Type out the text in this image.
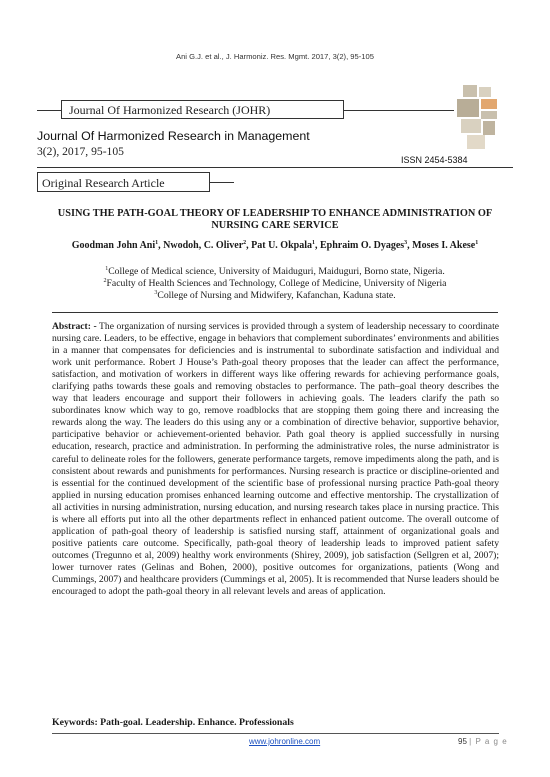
Ani G.J. et al., J. Harmoniz. Res. Mgmt. 2017, 3(2), 95-105
Journal Of Harmonized Research (JOHR)
Journal Of Harmonized Research in Management
3(2), 2017, 95-105
ISSN 2454-5384
Original Research Article
USING THE PATH-GOAL THEORY OF LEADERSHIP TO ENHANCE ADMINISTRATION OF
NURSING CARE SERVICE
Goodman John Ani$^1$, Nwodoh, C. Oliver$^2$, Pat U. Okpala$^1$, Ephraim O. Dyages$^3$, Moses I. Akese$^1$
$^1$College of Medical science, University of Maiduguri, Maiduguri, Borno state, Nigeria.
$^2$Faculty of Health Sciences and Technology, College of Medicine, University of Nigeria
$^3$College of Nursing and Midwifery, Kafanchan, Kaduna state.
Abstract: - The organization of nursing services is provided through a system of leadership necessary to coordinate nursing care. Leaders, to be effective, engage in behaviors that complement subordinates’ environments and abilities in a manner that compensates for deficiencies and is instrumental to subordinate satisfaction and individual and work unit performance. Robert J House’s Path-goal theory proposes that the leader can affect the performance, satisfaction, and motivation of workers in different ways like offering rewards for achieving performance goals, clarifying paths towards these goals and removing obstacles to performance. The path–goal theory describes the way that leaders encourage and support their followers in achieving goals. The leaders clarify the path so subordinates know which way to go, remove roadblocks that are stopping them going there and increasing the rewards along the way. The leaders do this using any or a combination of directive behavior, supportive behavior, participative behavior or achievement-oriented behavior. Path goal theory is applied successfully in nursing education, research, practice and administration. In performing the administrative roles, the nurse administrator is careful to delineate roles for the followers, generate performance targets, remove impediments along the path, and is consistent about rewards and punishments for performances. Nursing research is practice or discipline-oriented and is essential for the continued development of the scientific base of professional nursing practice Path-goal theory applied in nursing education promises enhanced learning outcome and effective mentorship. The crystallization of all activities in nursing administration, nursing education, and nursing research takes place in nursing practice. This is where all efforts put into all the other departments reflect in enhanced patient outcome. The overall outcome of application of path-goal theory of leadership is satisfied nursing staff, attainment of organizational goals and positive patients care outcome. Specifically, path-goal theory of leadership leads to improved patient safety outcomes (Tregunno et al, 2009) healthy work environments (Shirey, 2009), job satisfaction (Sellgren et al, 2007); lower turnover rates (Gelinas and Bohen, 2000), positive outcomes for organizations, patients (Wong and Cummings, 2007) and healthcare providers (Cummings et al, 2005). It is recommended that Nurse leaders should be encouraged to adopt the path-goal theory in all relevant levels and areas of application.
Keywords: Path-goal. Leadership. Enhance. Professionals
www.johronline.com	95 | P a g e
